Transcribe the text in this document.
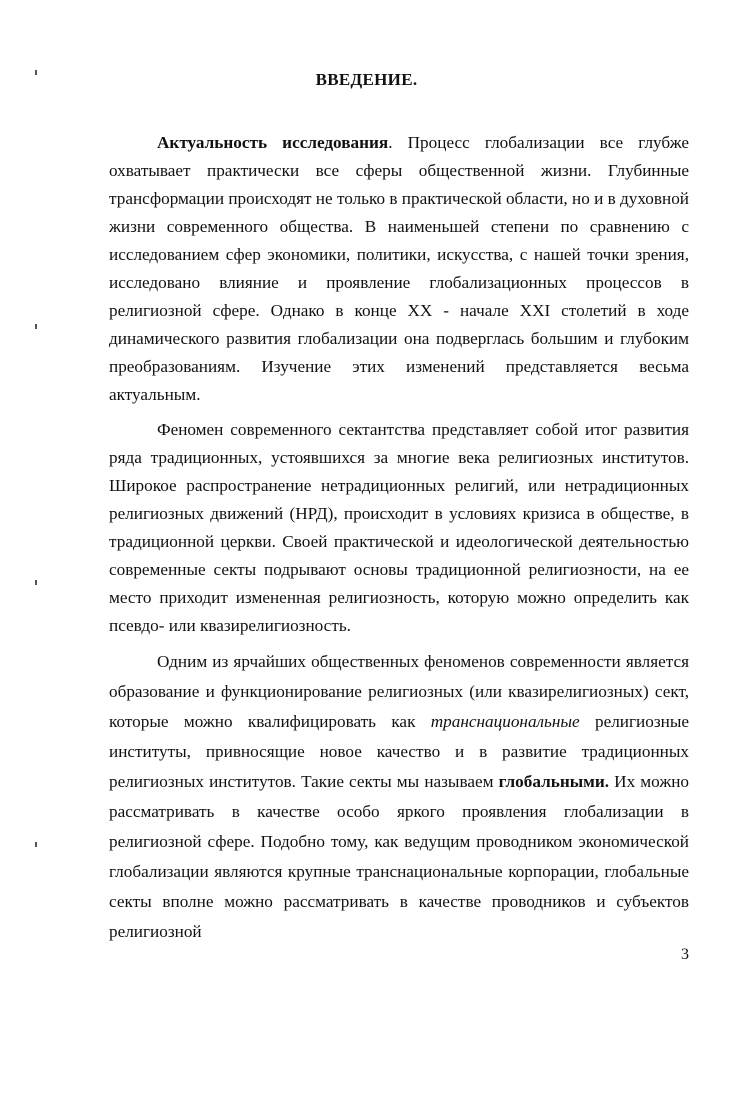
ВВЕДЕНИЕ.

Актуальность исследования. Процесс глобализации все глубже охватывает практически все сферы общественной жизни. Глубинные трансформации происходят не только в практической области, но и в духовной жизни современного общества. В наименьшей степени по сравнению с исследованием сфер экономики, политики, искусства, с нашей точки зрения, исследовано влияние и проявление глобализационных процессов в религиозной сфере. Однако в конце XX - начале XXI столетий в ходе динамического развития глобализации она подверглась большим и глубоким преобразованиям. Изучение этих изменений представляется весьма актуальным.

Феномен современного сектантства представляет собой итог развития ряда традиционных, устоявшихся за многие века религиозных институтов. Широкое распространение нетрадиционных религий, или нетрадиционных религиозных движений (НРД), происходит в условиях кризиса в обществе, в традиционной церкви. Своей практической и идеологической деятельностью современные секты подрывают основы традиционной религиозности, на ее место приходит измененная религиозность, которую можно определить как псевдо- или квазирелигиозность.

Одним из ярчайших общественных феноменов современности является образование и функционирование религиозных (или квазирелигиозных) сект, которые можно квалифицировать как транснациональные религиозные институты, привносящие новое качество и в развитие традиционных религиозных институтов. Такие секты мы называем глобальными. Их можно рассматривать в качестве особо яркого проявления глобализации в религиозной сфере. Подобно тому, как ведущим проводником экономической глобализации являются крупные транснациональные корпорации, глобальные секты вполне можно рассматривать в качестве проводников и субъектов религиозной

3
